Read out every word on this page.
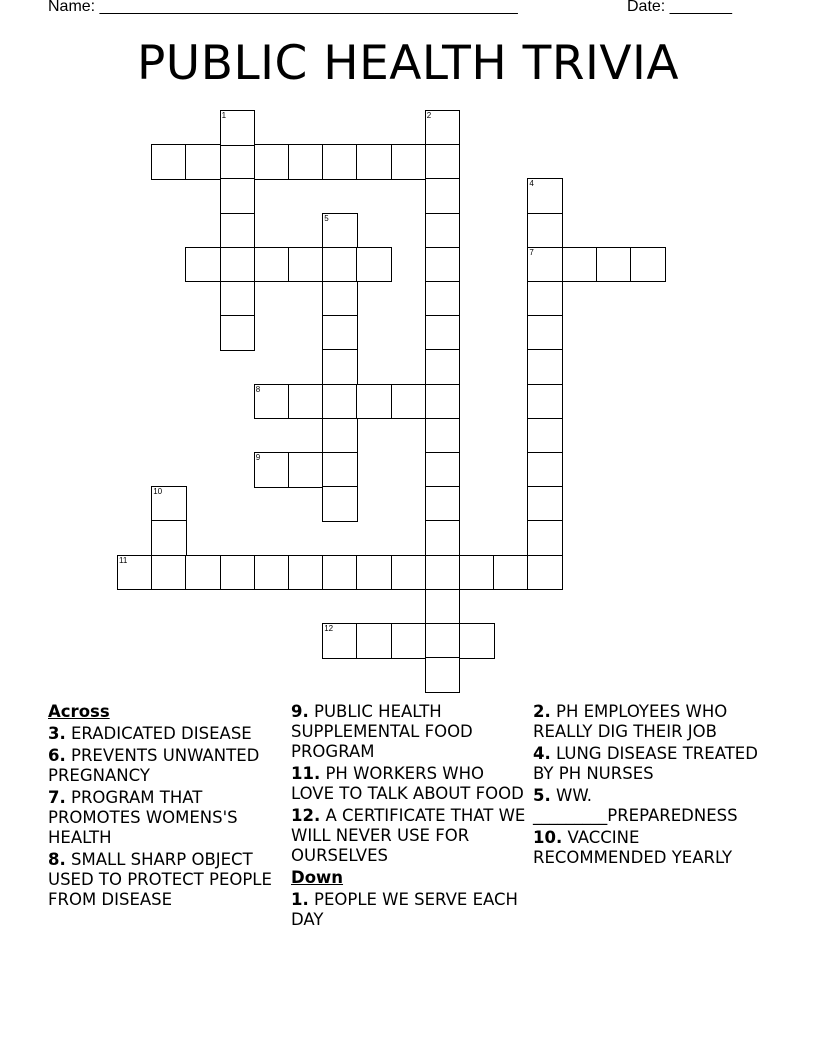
Name: _______________________________________________	Date: _______
PUBLIC HEALTH TRIVIA
7
8
9
11
12
1	2
4
5
10
Across
3. ERADICATED DISEASE
6. PREVENTS UNWANTED PREGNANCY
7. PROGRAM THAT PROMOTES WOMENS'S HEALTH
8. SMALL SHARP OBJECT USED TO PROTECT PEOPLE FROM DISEASE
9. PUBLIC HEALTH SUPPLEMENTAL FOOD PROGRAM
11. PH WORKERS WHO LOVE TO TALK ABOUT FOOD
12. A CERTIFICATE THAT WE WILL NEVER USE FOR OURSELVES
Down
1. PEOPLE WE SERVE EACH DAY
2. PH EMPLOYEES WHO REALLY DIG THEIR JOB
4. LUNG DISEASE TREATED BY PH NURSES
5. WW. _________PREPAREDNESS
10. VACCINE RECOMMENDED YEARLY
